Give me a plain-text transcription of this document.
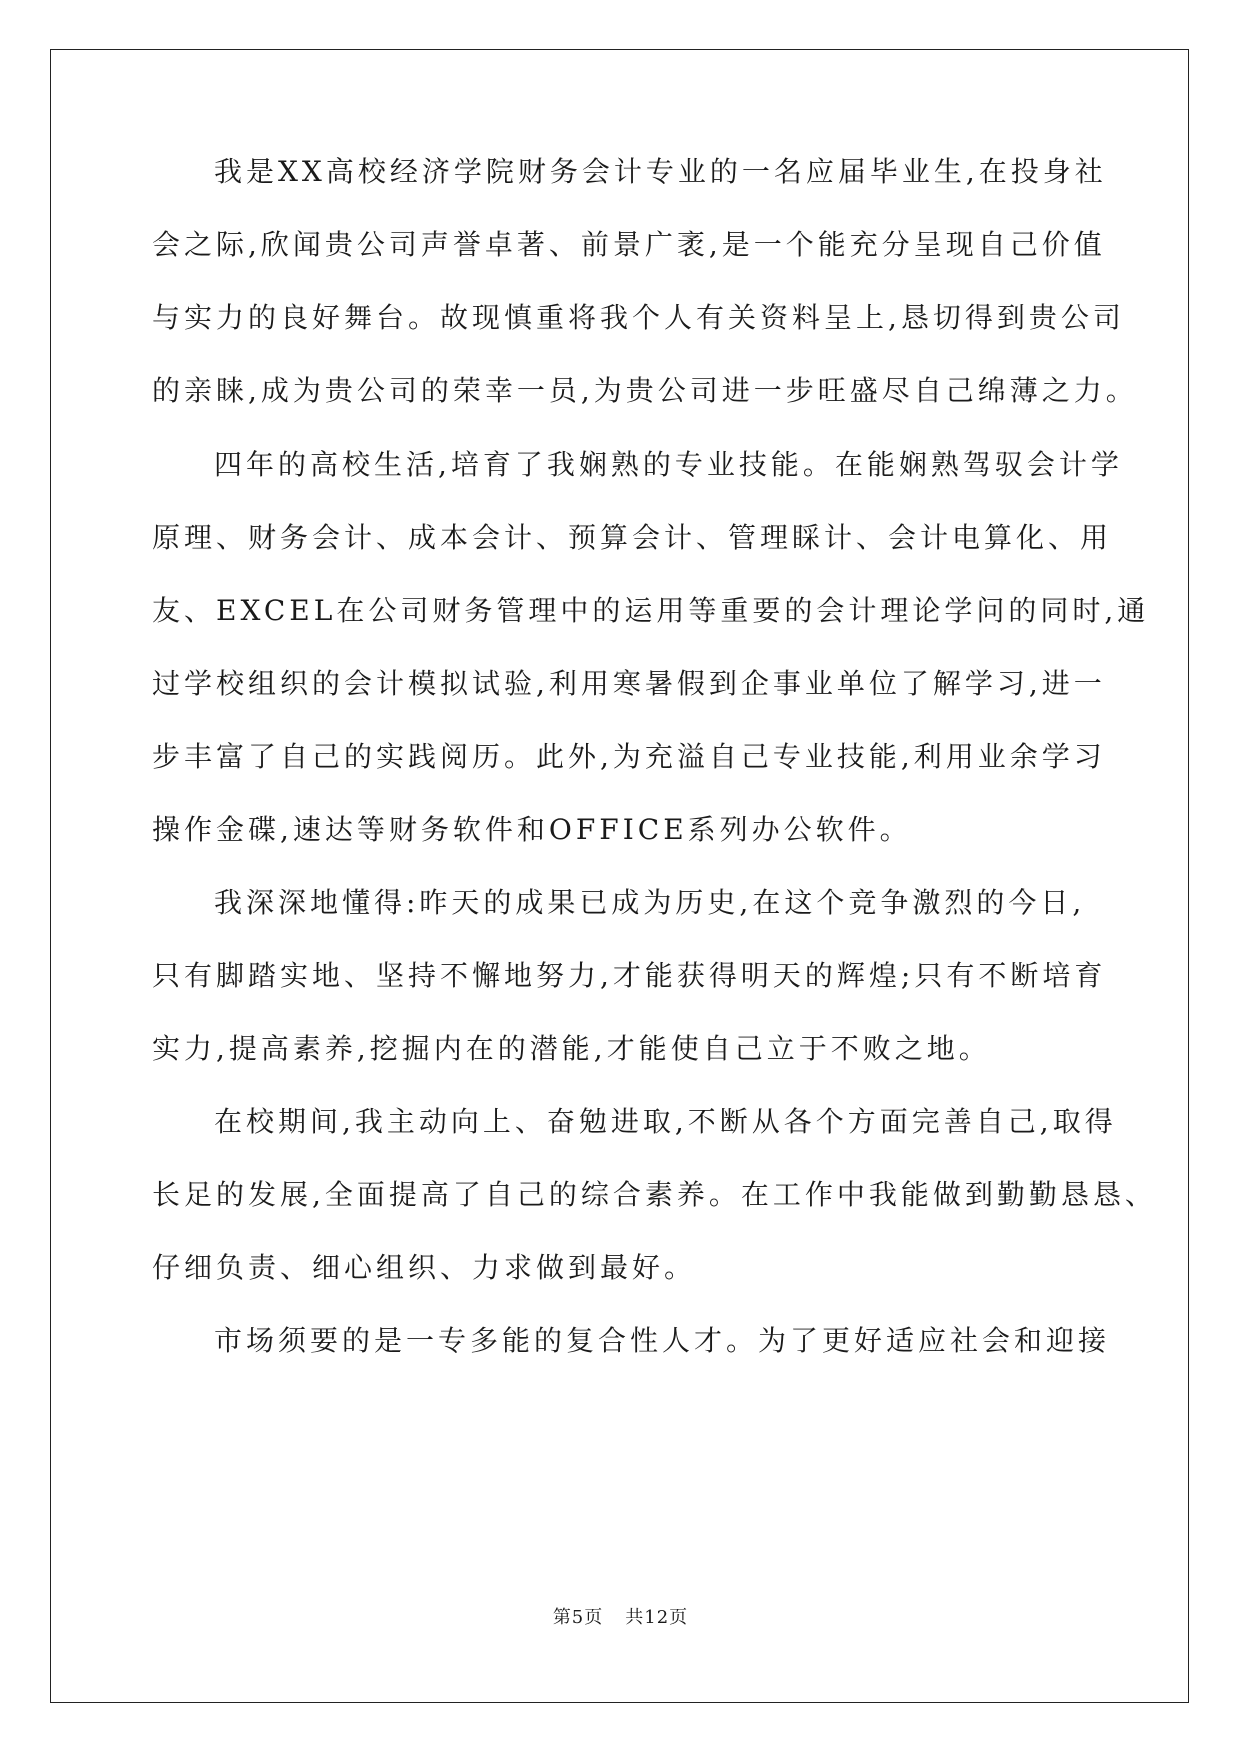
我是XX高校经济学院财务会计专业的一名应届毕业生,在投身社
会之际,欣闻贵公司声誉卓著、前景广袤,是一个能充分呈现自己价值
与实力的良好舞台。故现慎重将我个人有关资料呈上,恳切得到贵公司
的亲睐,成为贵公司的荣幸一员,为贵公司进一步旺盛尽自己绵薄之力。
四年的高校生活,培育了我娴熟的专业技能。在能娴熟驾驭会计学
原理、财务会计、成本会计、预算会计、管理睬计、会计电算化、用
友、EXCEL在公司财务管理中的运用等重要的会计理论学问的同时,通
过学校组织的会计模拟试验,利用寒暑假到企事业单位了解学习,进一
步丰富了自己的实践阅历。此外,为充溢自己专业技能,利用业余学习
操作金碟,速达等财务软件和OFFICE系列办公软件。
我深深地懂得:昨天的成果已成为历史,在这个竞争激烈的今日,
只有脚踏实地、坚持不懈地努力,才能获得明天的辉煌;只有不断培育
实力,提高素养,挖掘内在的潜能,才能使自己立于不败之地。
在校期间,我主动向上、奋勉进取,不断从各个方面完善自己,取得
长足的发展,全面提高了自己的综合素养。在工作中我能做到勤勤恳恳、
仔细负责、细心组织、力求做到最好。
市场须要的是一专多能的复合性人才。为了更好适应社会和迎接
第5页 共12页
